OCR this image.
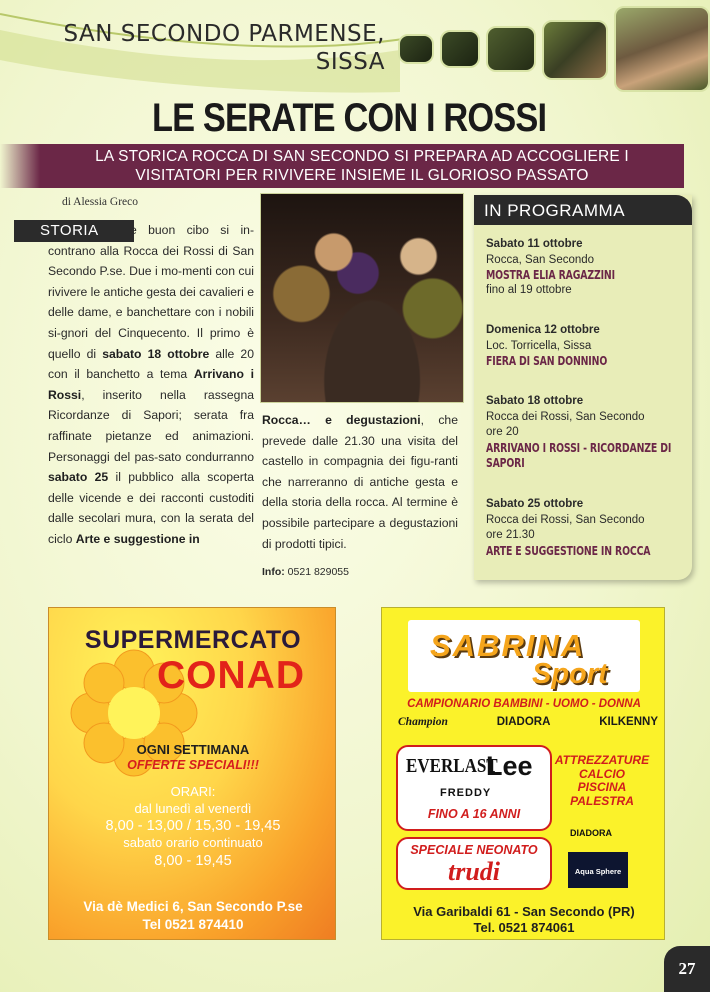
SAN SECONDO PARMENSE,
SISSA
LE SERATE CON I ROSSI
LA STORICA ROCCA DI SAN SECONDO SI PREPARA AD ACCOGLIERE I
VISITATORI PER RIVIVERE INSIEME IL GLORIOSO PASSATO
di Alessia Greco
STORIA	e buon cibo si in-contrano alla Rocca dei Rossi di San Secondo P.se. Due i mo-menti con cui rivivere le antiche gesta dei cavalieri e delle dame, e banchettare con i nobili si-gnori del Cinquecento. Il primo è quello di sabato 18 ottobre alle 20 con il banchetto a tema Arrivano i Rossi, inserito nella rassegna Ricordanze di Sapori; serata fra raffinate pietanze ed animazioni. Personaggi del pas-sato condurranno sabato 25 il pubblico alla scoperta delle vicende e dei racconti custoditi dalle secolari mura, con la serata del ciclo Arte e suggestione in
Rocca… e degustazioni, che prevede dalle 21.30 una visita del castello in compagnia dei figu-ranti che narreranno di antiche gesta e della storia della rocca. Al termine è possibile partecipare a degustazioni di prodotti tipici.
Info: 0521 829055
IN PROGRAMMA
Sabato 11 ottobre
Rocca, San Secondo
MOSTRA ELIA RAGAZZINI
fino al 19 ottobre
Domenica 12 ottobre
Loc. Torricella, Sissa
FIERA DI SAN DONNINO
Sabato 18 ottobre
Rocca dei Rossi, San Secondo
ore 20
ARRIVANO I ROSSI - RICORDANZE DI SAPORI
Sabato 25 ottobre
Rocca dei Rossi, San Secondo
ore 21.30
ARTE E SUGGESTIONE IN ROCCA
SUPERMERCATO
CONAD
OGNI SETTIMANA
OFFERTE SPECIALI!!!
ORARI:
dal lunedì al venerdì
8,00 - 13,00 / 15,30 - 19,45
sabato orario continuato
8,00 - 19,45
Via dè Medici 6, San Secondo P.se
Tel 0521 874410
SABRINA
Sport
CAMPIONARIO BAMBINI - UOMO - DONNA
Champion	DIADORA	KILKENNY
EVERLAST
Lee
FREDDY
FINO A 16 ANNI
ATTREZZATURE
CALCIO
PISCINA
PALESTRA
DIADORA
Aqua Sphere
SPECIALE NEONATO
trudi
Via Garibaldi 61 - San Secondo (PR)
Tel. 0521 874061
27
